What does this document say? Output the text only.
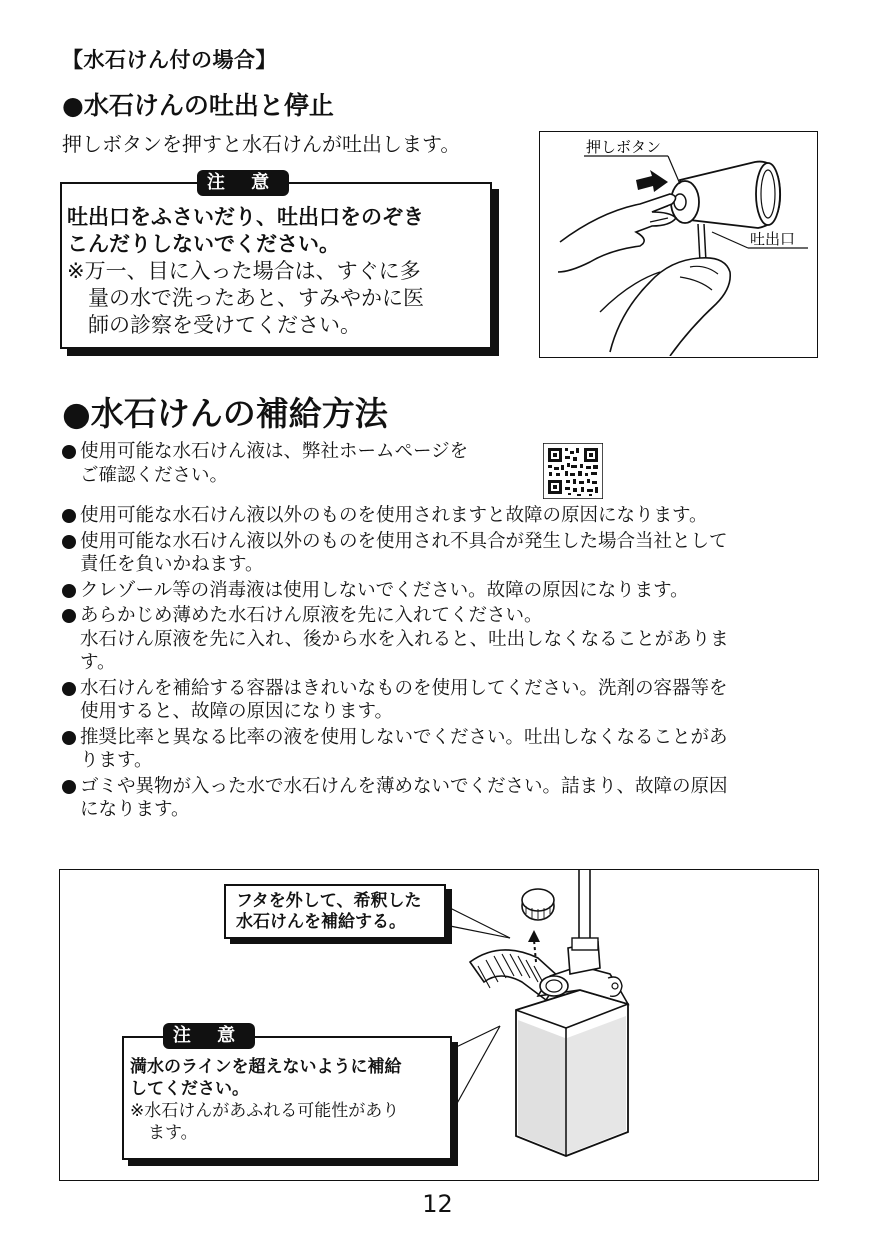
【水石けん付の場合】
●水石けんの吐出と停止
押しボタンを押すと水石けんが吐出します。
注 意
吐出口をふさいだり、吐出口をのぞき
こんだりしないでください。
※万一、目に入った場合は、すぐに多
量の水で洗ったあと、すみやかに医
師の診察を受けてください。
押しボタン
吐出口
●水石けんの補給方法
使用可能な水石けん液は、弊社ホームページを
ご確認ください。
使用可能な水石けん液以外のものを使用されますと故障の原因になります。
使用可能な水石けん液以外のものを使用され不具合が発生した場合当社として
責任を負いかねます。
クレゾール等の消毒液は使用しないでください。故障の原因になります。
あらかじめ薄めた水石けん原液を先に入れてください。
水石けん原液を先に入れ、後から水を入れると、吐出しなくなることがありま
す。
水石けんを補給する容器はきれいなものを使用してください。洗剤の容器等を
使用すると、故障の原因になります。
推奨比率と異なる比率の液を使用しないでください。吐出しなくなることがあ
ります。
ゴミや異物が入った水で水石けんを薄めないでください。詰まり、故障の原因
になります。
フタを外して、希釈した
水石けんを補給する。
注 意
満水のラインを超えないように補給
してください。
※水石けんがあふれる可能性があり
ます。
12
